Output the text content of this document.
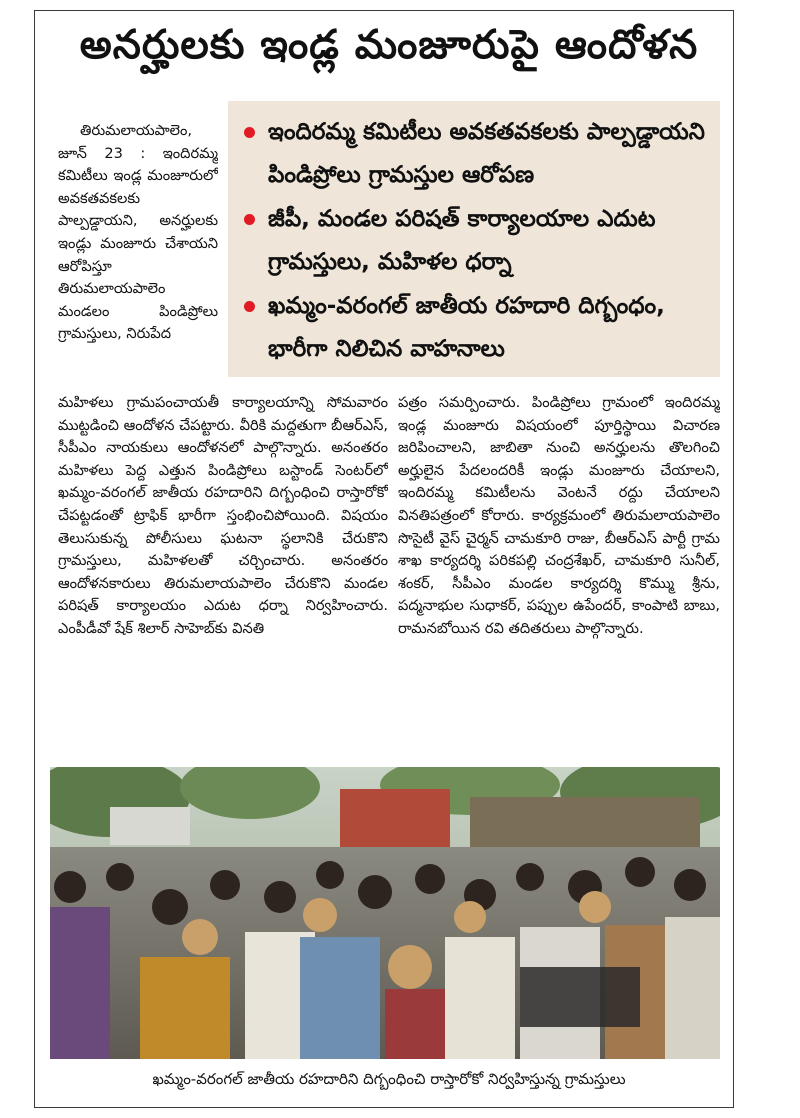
అనర్హులకు ఇండ్ల మంజూరుపై ఆందోళన
ఇందిరమ్మ కమిటీలు అవకతవకలకు పాల్పడ్డాయని పిండిప్రోలు గ్రామస్తుల ఆరోపణ
జీపీ, మండల పరిషత్ కార్యాలయాల ఎదుట గ్రామస్తులు, మహిళల ధర్నా
ఖమ్మం-వరంగల్ జాతీయ రహదారి దిగ్బంధం, భారీగా నిలిచిన వాహనాలు
తిరుమలాయపాలెం, జూన్ 23 : ఇందిరమ్మ కమిటీలు ఇండ్ల మంజూరులో అవకతవకలకు పాల్పడ్డాయని, అనర్హులకు ఇండ్లు మంజూరు చేశాయని ఆరోపిస్తూ తిరుమలాయపాలెం మండలం పిండిప్రోలు గ్రామస్తులు, నిరుపేద
మహిళలు గ్రామపంచాయతీ కార్యాలయాన్ని సోమవారం ముట్టడించి ఆందోళన చేపట్టారు. వీరికి మద్దతుగా బీఆర్ఎస్, సీపీఎం నాయకులు ఆందోళనలో పాల్గొన్నారు. అనంతరం మహిళలు పెద్ద ఎత్తున పిండిప్రోలు బస్టాండ్ సెంటర్‌లో ఖమ్మం-వరంగల్ జాతీయ రహదారిని దిగ్బంధించి రాస్తారోకో చేపట్టడంతో ట్రాఫిక్ భారీగా స్తంభించిపోయింది. విషయం తెలుసుకున్న పోలీసులు ఘటనా స్థలానికి చేరుకొని గ్రామస్తులు, మహిళలతో చర్చించారు. అనంతరం ఆందోళనకారులు తిరుమలాయపాలెం చేరుకొని మండల పరిషత్ కార్యాలయం ఎదుట ధర్నా నిర్వహించారు. ఎంపీడీవో షేక్ శిలార్ సాహెబ్‌కు వినతి
పత్రం సమర్పించారు. పిండిప్రోలు గ్రామంలో ఇందిరమ్మ ఇండ్ల మంజూరు విషయంలో పూర్తిస్థాయి విచారణ జరిపించాలని, జాబితా నుంచి అనర్హులను తొలగించి అర్హులైన పేదలందరికీ ఇండ్లు మంజూరు చేయాలని, ఇందిరమ్మ కమిటీలను వెంటనే రద్దు చేయాలని వినతిపత్రంలో కోరారు. కార్యక్రమంలో తిరుమలాయపాలెం సొసైటీ వైస్ చైర్మన్ చామకూరి రాజు, బీఆర్ఎస్ పార్టీ గ్రామ శాఖ కార్యదర్శి పరికపల్లి చంద్రశేఖర్, చామకూరి సునీల్, శంకర్, సీపీఎం మండల కార్యదర్శి కొమ్ము శ్రీను, పద్మనాభుల సుధాకర్, పప్పుల ఉపేందర్, కాంపాటి బాబు, రామనబోయిన రవి తదితరులు పాల్గొన్నారు.
ఖమ్మం-వరంగల్ జాతీయ రహదారిని దిగ్బంధించి రాస్తారోకో నిర్వహిస్తున్న గ్రామస్తులు
